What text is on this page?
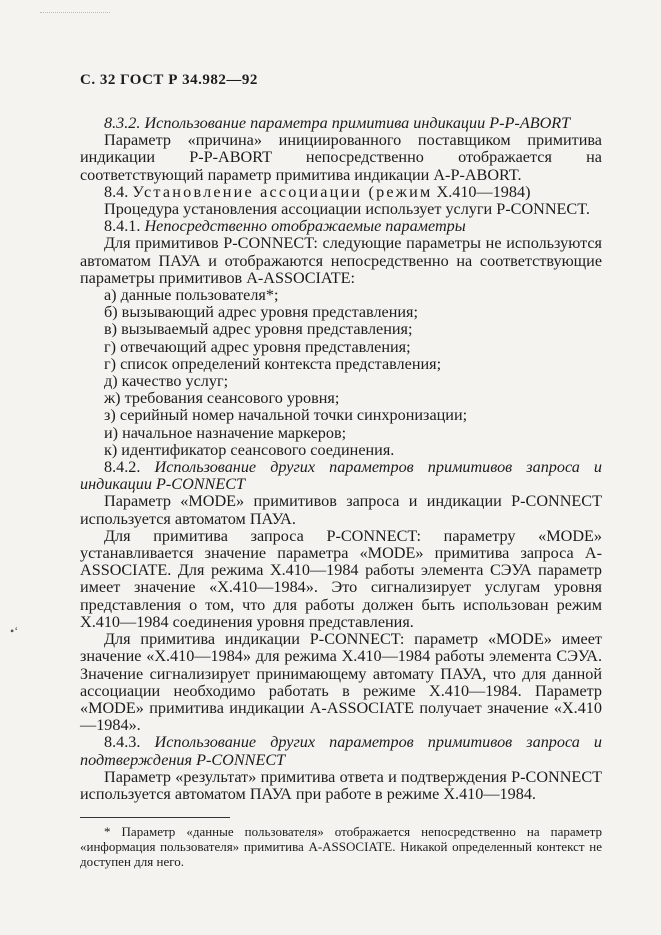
•‘
С. 32 ГОСТ Р 34.982—92

8.3.2. Использование параметра примитива индикации P-P-ABORT

Параметр «причина» инициированного поставщиком примитива индикации P-P-ABORT непосредственно отображается на соответствующий параметр примитива индикации A-P-ABORT.

8.4. Установление ассоциации (режим X.410—1984)

Процедура установления ассоциации использует услуги P-CONNECT.

8.4.1. Непосредственно отображаемые параметры

Для примитивов P-CONNECT: следующие параметры не используются автоматом ПАУА и отображаются непосредственно на соответствующие параметры примитивов A-ASSOCIATE:

а) данные пользователя*;

б) вызывающий адрес уровня представления;

в) вызываемый адрес уровня представления;

г) отвечающий адрес уровня представления;

г) список определений контекста представления;

д) качество услуг;

ж) требования сеансового уровня;

з) серийный номер начальной точки синхронизации;

и) начальное назначение маркеров;

к) идентификатор сеансового соединения.

8.4.2. Использование других параметров примитивов запроса и индикации P-CONNECT

Параметр «MODE» примитивов запроса и индикации P-CONNECT используется автоматом ПАУА.

Для примитива запроса P-CONNECT: параметру «MODE» устанавливается значение параметра «MODE» примитива запроса A-ASSOCIATE. Для режима X.410—1984 работы элемента СЭУА параметр имеет значение «X.410—1984». Это сигнализирует услугам уровня представления о том, что для работы должен быть использован режим X.410—1984 соединения уровня представления.

Для примитива индикации P-CONNECT: параметр «MODE» имеет значение «X.410—1984» для режима X.410—1984 работы элемента СЭУА. Значение сигнализирует принимающему автомату ПАУА, что для данной ассоциации необходимо работать в режиме X.410—1984. Параметр «MODE» примитива индикации A-ASSOCIATE получает значение «X.410—1984».

8.4.3. Использование других параметров примитивов запроса и подтверждения P-CONNECT

Параметр «результат» примитива ответа и подтверждения P-CONNECT используется автоматом ПАУА при работе в режиме X.410—1984.

* Параметр «данные пользователя» отображается непосредственно на параметр «информация пользователя» примитива A-ASSOCIATE. Никакой определенный контекст не доступен для него.
